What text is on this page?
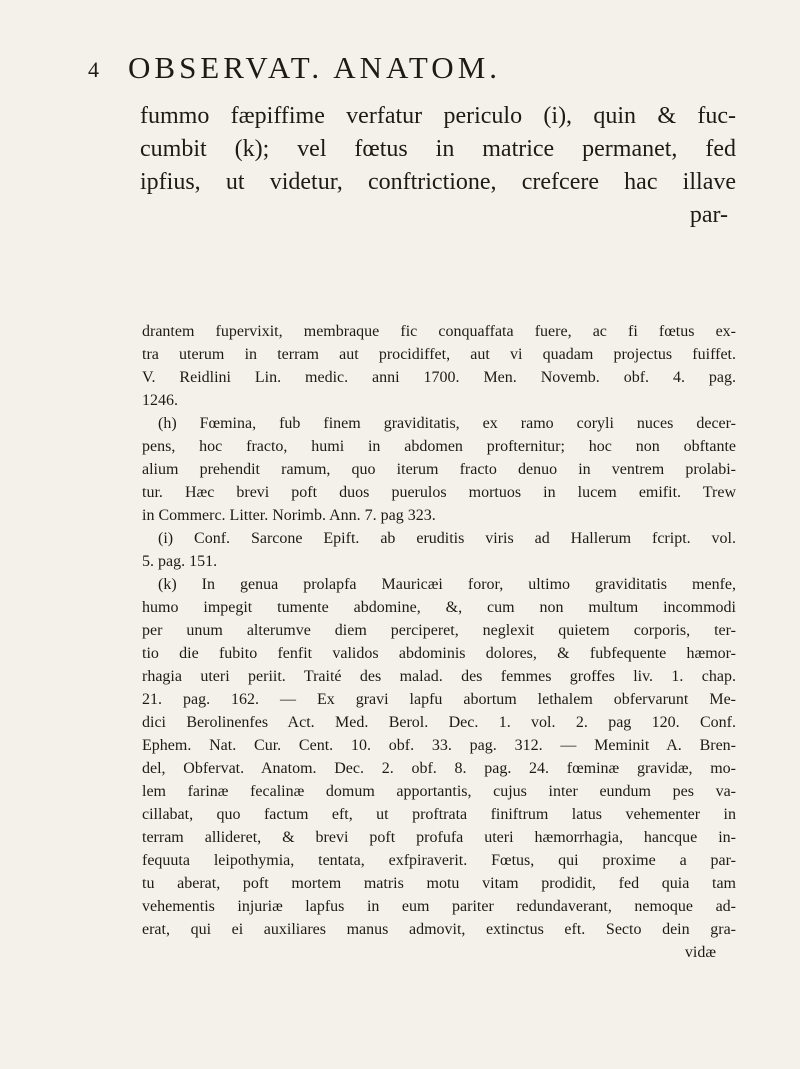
4 OBSERVAT. ANATOM.
fummo fæpiffime verfatur periculo (i), quin & fuc-
cumbit (k); vel fœtus in matrice permanet, fed
ipfius, ut videtur, conftrictione, crefcere hac illave
par-
drantem fupervixit, membraque fic conquaffata fuere, ac fi fœtus ex-
tra uterum in terram aut procidiffet, aut vi quadam projectus fuiffet.
V. Reidlini Lin. medic. anni 1700. Men. Novemb. obf. 4. pag.
1246.
(h) Fœmina, fub finem graviditatis, ex ramo coryli nuces decer-
pens, hoc fracto, humi in abdomen profternitur; hoc non obftante
alium prehendit ramum, quo iterum fracto denuo in ventrem prolabi-
tur. Hæc brevi poft duos puerulos mortuos in lucem emifit. Trew
in Commerc. Litter. Norimb. Ann. 7. pag 323.
(i) Conf. Sarcone Epift. ab eruditis viris ad Hallerum fcript. vol.
5. pag. 151.
(k) In genua prolapfa Mauricæi foror, ultimo graviditatis menfe,
humo impegit tumente abdomine, &, cum non multum incommodi
per unum alterumve diem perciperet, neglexit quietem corporis, ter-
tio die fubito fenfit validos abdominis dolores, & fubfequente hæmor-
rhagia uteri periit. Traité des malad. des femmes groffes liv. 1. chap.
21. pag. 162. — Ex gravi lapfu abortum lethalem obfervarunt Me-
dici Berolinenfes Act. Med. Berol. Dec. 1. vol. 2. pag 120. Conf.
Ephem. Nat. Cur. Cent. 10. obf. 33. pag. 312. — Meminit A. Bren-
del, Obfervat. Anatom. Dec. 2. obf. 8. pag. 24. fœminæ gravidæ, mo-
lem farinæ fecalinæ domum apportantis, cujus inter eundum pes va-
cillabat, quo factum eft, ut proftrata finiftrum latus vehementer in
terram allideret, & brevi poft profufa uteri hæmorrhagia, hancque in-
fequuta leipothymia, tentata, exfpiraverit. Fœtus, qui proxime a par-
tu aberat, poft mortem matris motu vitam prodidit, fed quia tam
vehementis injuriæ lapfus in eum pariter redundaverant, nemoque ad-
erat, qui ei auxiliares manus admovit, extinctus eft. Secto dein gra-
vidæ
